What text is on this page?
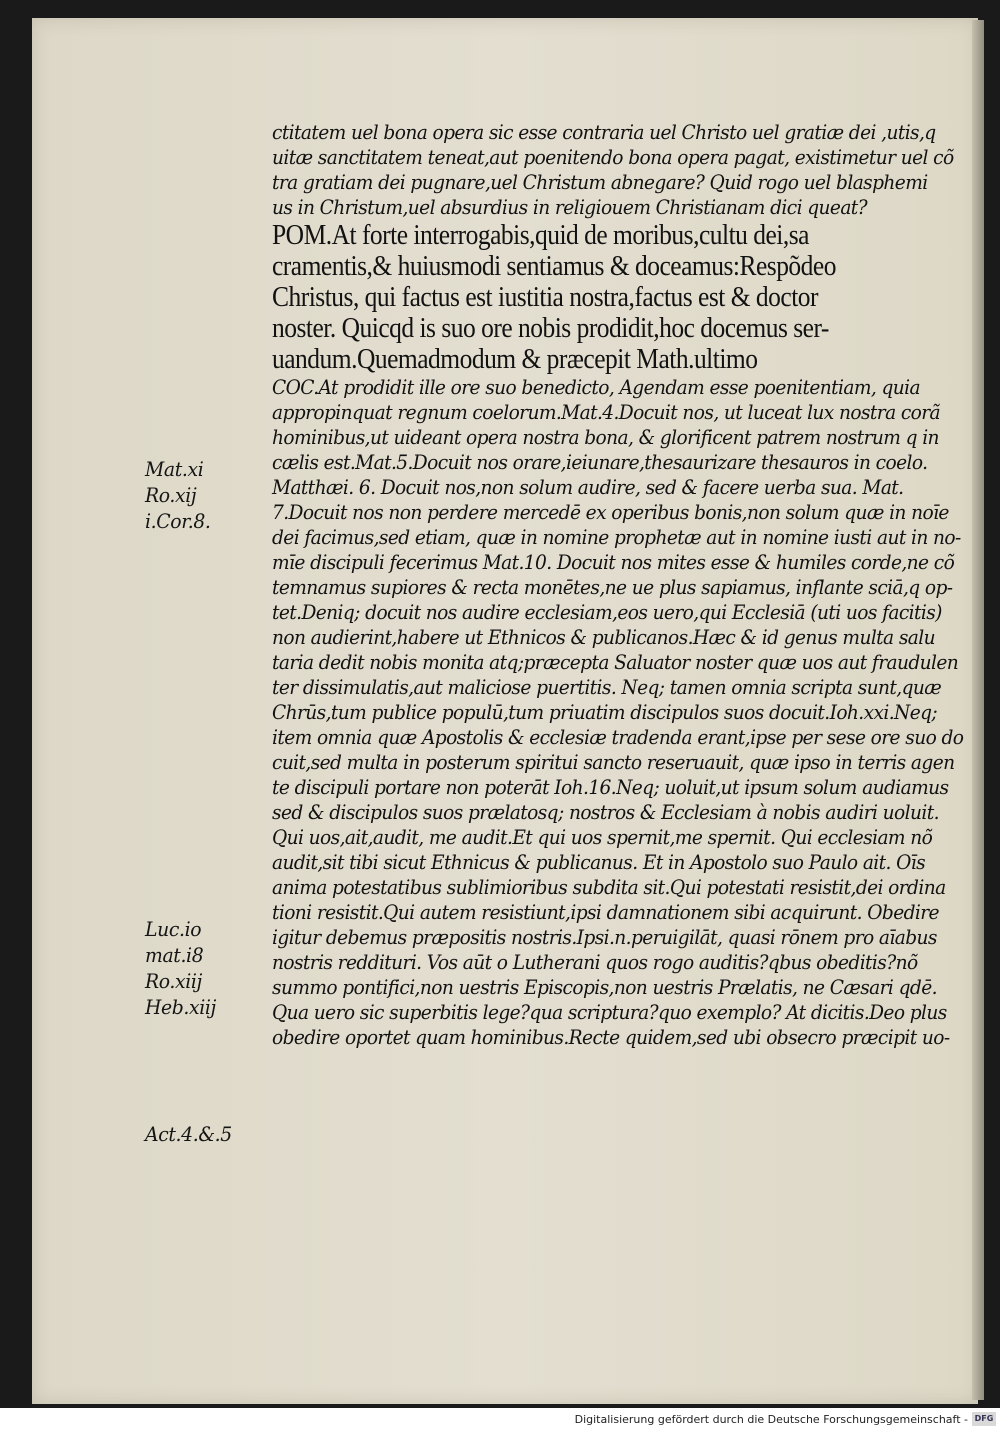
Mat.xi
Ro.xij
i.Cor.8.
Luc.io
mat.i8
Ro.xiij
Heb.xiij
Act.4.&.5
ctitatem uel bona opera sic esse contraria uel Christo uel gratiæ dei ,utis,q
uitæ sanctitatem teneat,aut poenitendo bona opera pagat, existimetur uel cõ
tra gratiam dei pugnare,uel Christum abnegare? Quid rogo uel blasphemi
us in Christum,uel absurdius in religiouem Christianam dici queat?
POM.At forte interrogabis,quid de moribus,cultu dei,sa
cramentis,& huiusmodi sentiamus & doceamus:Respõdeo
Christus, qui factus est iustitia nostra,factus est & doctor
noster. Quicqd is suo ore nobis prodidit,hoc docemus ser-
uandum.Quemadmodum & præcepit Math.ultimo
COC.At prodidit ille ore suo benedicto, Agendam esse poenitentiam, quia
appropinquat regnum coelorum.Mat.4.Docuit nos, ut luceat lux nostra corã
hominibus,ut uideant opera nostra bona, & glorificent patrem nostrum q in
cælis est.Mat.5.Docuit nos orare,ieiunare,thesaurizare thesauros in coelo.
Matthæi. 6. Docuit nos,non solum audire, sed & facere uerba sua. Mat.
7.Docuit nos non perdere mercedē ex operibus bonis,non solum quæ in noīe
dei facimus,sed etiam, quæ in nomine prophetæ aut in nomine iusti aut in no-
mīe discipuli fecerimus Mat.10. Docuit nos mites esse & humiles corde,ne cõ
temnamus supiores & recta monētes,ne ue plus sapiamus, inflante sciā,q op-
tet.Deniq; docuit nos audire ecclesiam,eos uero,qui Ecclesiā (uti uos facitis)
non audierint,habere ut Ethnicos & publicanos.Hæc & id genus multa salu
taria dedit nobis monita atq;præcepta Saluator noster quæ uos aut fraudulen
ter dissimulatis,aut maliciose puertitis. Neq; tamen omnia scripta sunt,quæ
Chrūs,tum publice populū,tum priuatim discipulos suos docuit.Ioh.xxi.Neq;
item omnia quæ Apostolis & ecclesiæ tradenda erant,ipse per sese ore suo do
cuit,sed multa in posterum spiritui sancto reseruauit, quæ ipso in terris agen
te discipuli portare non poterāt Ioh.16.Neq; uoluit,ut ipsum solum audiamus
sed & discipulos suos prælatosq; nostros & Ecclesiam à nobis audiri uoluit.
Qui uos,ait,audit, me audit.Et qui uos spernit,me spernit. Qui ecclesiam nõ
audit,sit tibi sicut Ethnicus & publicanus. Et in Apostolo suo Paulo ait. Oīs
anima potestatibus sublimioribus subdita sit.Qui potestati resistit,dei ordina
tioni resistit.Qui autem resistiunt,ipsi damnationem sibi acquirunt. Obedire
igitur debemus præpositis nostris.Ipsi.n.peruigilāt, quasi rōnem pro aīabus
nostris reddituri. Vos aūt o Lutherani quos rogo auditis?qbus obeditis?nõ
summo pontifici,non uestris Episcopis,non uestris Prælatis, ne Cæsari qdē.
Qua uero sic superbitis lege?qua scriptura?quo exemplo? At dicitis.Deo plus
obedire oportet quam hominibus.Recte quidem,sed ubi obsecro præcipit uo-
Digitalisierung gefördert durch die Deutsche Forschungsgemeinschaft - DFG
